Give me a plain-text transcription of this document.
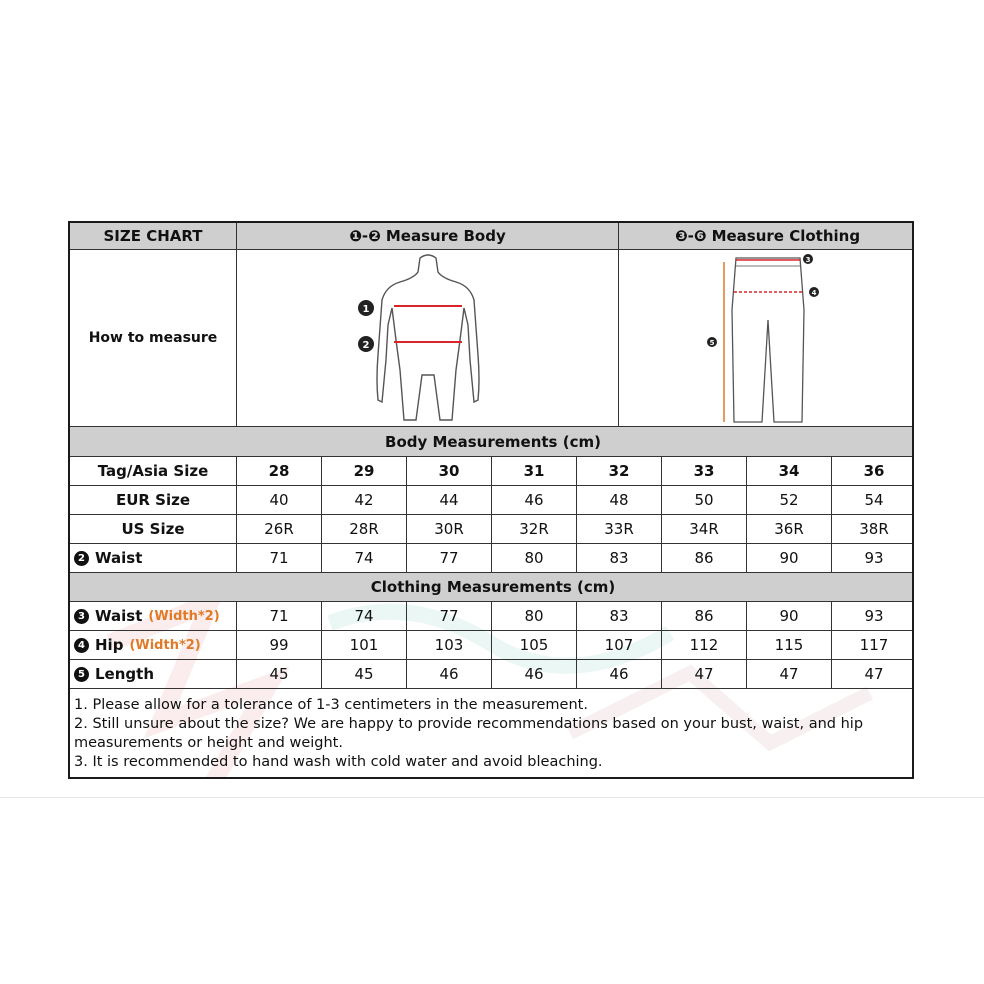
SIZE CHART	❶-❷ Measure Body	❸-❻ Measure Clothing
How to measure
1
2
3
4
5
Body Measurements (cm)
Tag/Asia Size	28	29	30	31	32	33	34	36
EUR Size	40	42	44	46	48	50	52	54
US Size	26R	28R	30R	32R	33R	34R	36R	38R
2 Waist	71	74	77	80	83	86	90	93
Clothing Measurements (cm)
3 Waist (Width*2)	71	74	77	80	83	86	90	93
4 Hip (Width*2)	99	101	103	105	107	112	115	117
5 Length	45	45	46	46	46	47	47	47
1. Please allow for a tolerance of 1-3 centimeters in the measurement.
2. Still unsure about the size? We are happy to provide recommendations based on your bust, waist, and hip measurements or height and weight.
3. It is recommended to hand wash with cold water and avoid bleaching.
